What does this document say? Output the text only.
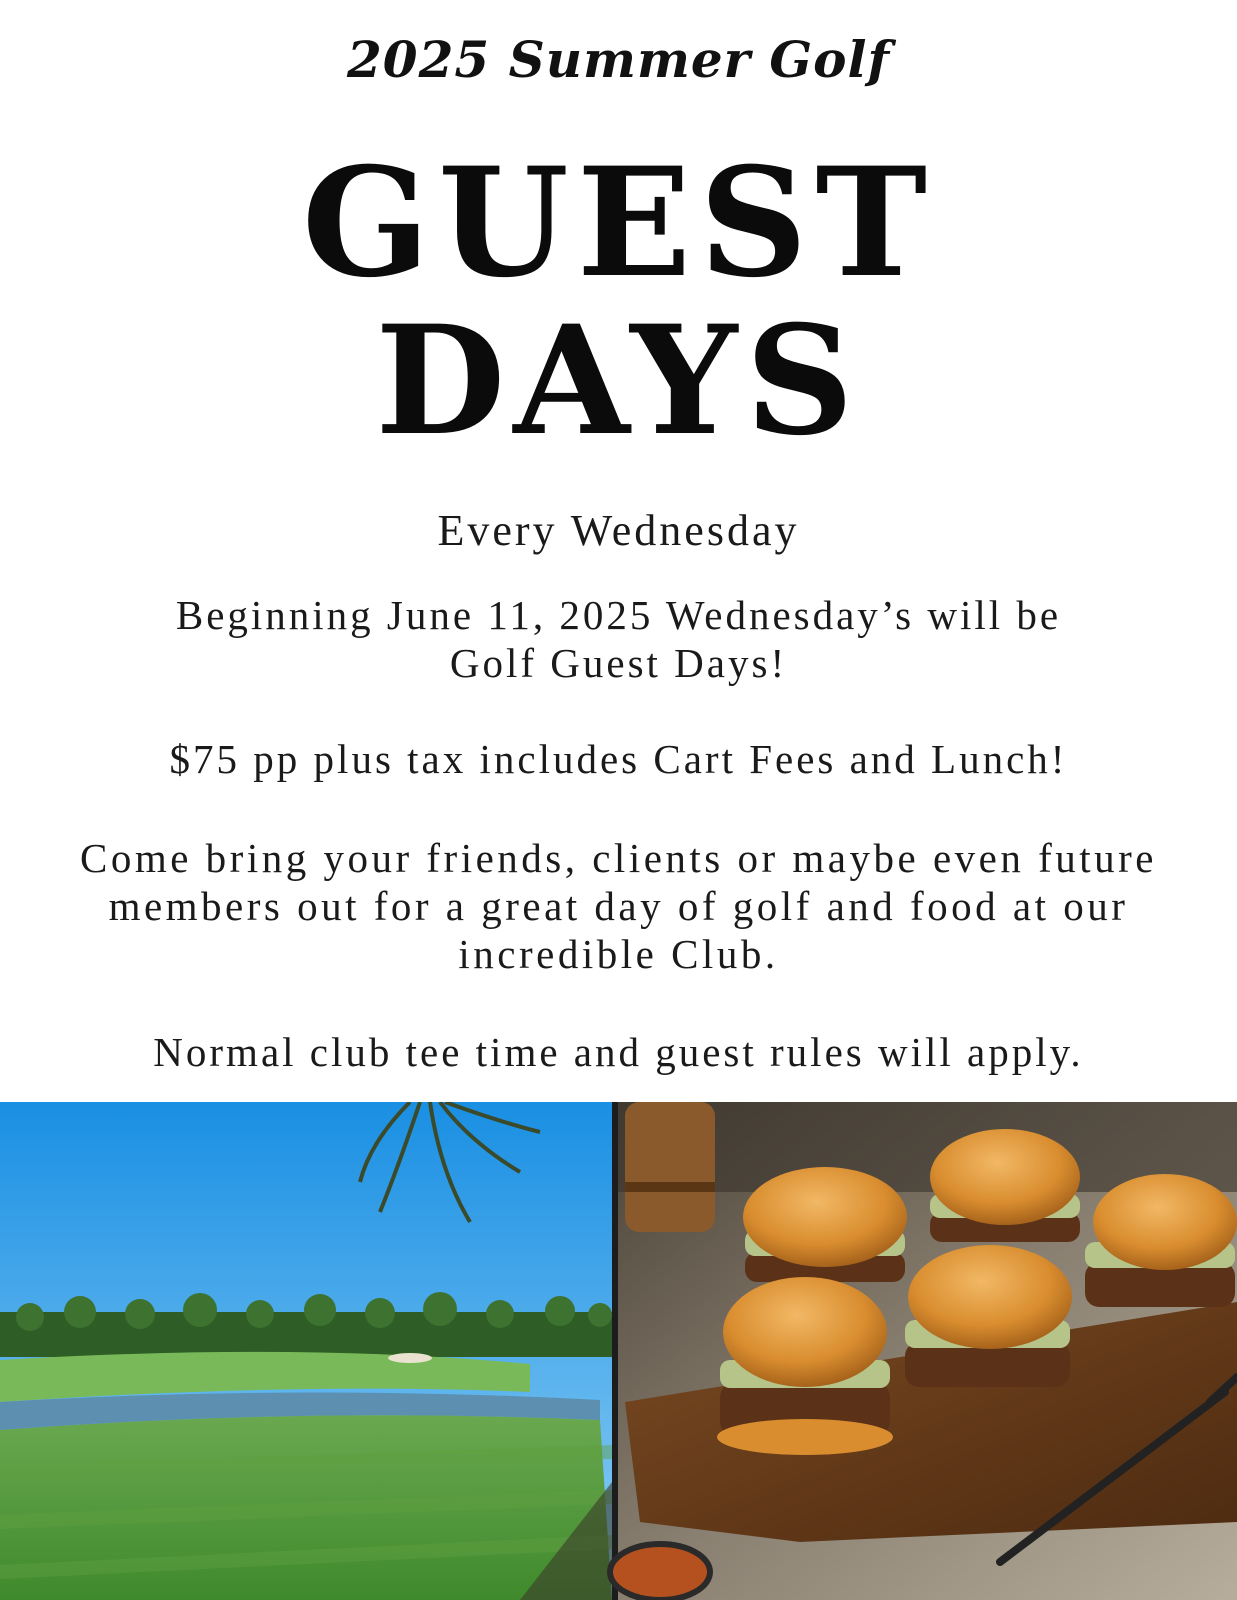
2025 Summer Golf
GUEST
DAYS
Every Wednesday
Beginning June 11, 2025 Wednesday’s will be
Golf Guest Days!
$75 pp plus tax includes Cart Fees and Lunch!
Come bring your friends, clients or maybe even future
members out for a great day of golf and food at our
incredible Club.
Normal club tee time and guest rules will apply.
